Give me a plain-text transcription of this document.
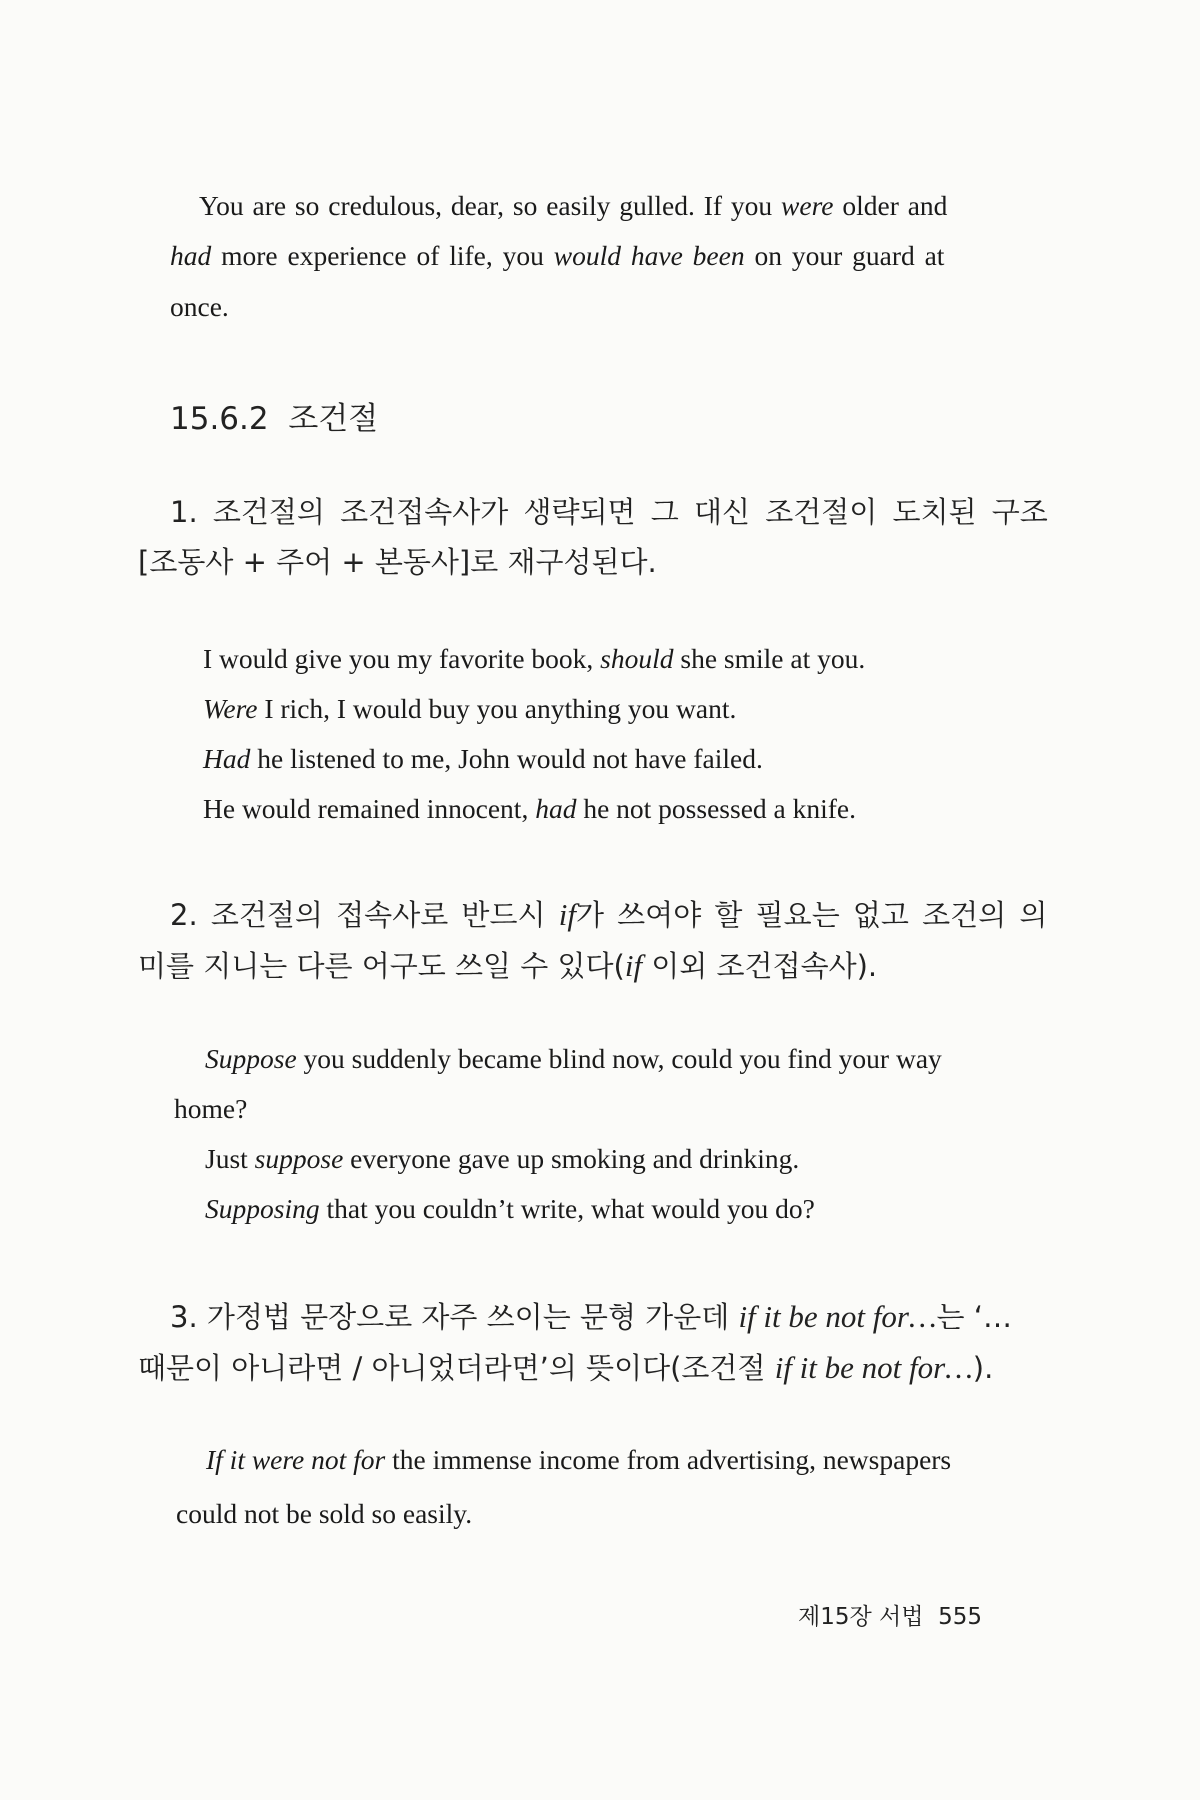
You are so credulous, dear, so easily gulled. If you were older and

had more experience of life, you would have been on your guard at

once.

15.6.2 조건절

1. 조건절의 조건접속사가 생략되면 그 대신 조건절이 도치된 구조

[조동사 + 주어 + 본동사]로 재구성된다.

I would give you my favorite book, should she smile at you.

Were I rich, I would buy you anything you want.

Had he listened to me, John would not have failed.

He would remained innocent, had he not possessed a knife.

2. 조건절의 접속사로 반드시 if가 쓰여야 할 필요는 없고 조건의 의

미를 지니는 다른 어구도 쓰일 수 있다(if 이외 조건접속사).

Suppose you suddenly became blind now, could you find your way

home?

Just suppose everyone gave up smoking and drinking.

Supposing that you couldn’t write, what would you do?

3. 가정법 문장으로 자주 쓰이는 문형 가운데 if it be not for…는 ‘…

때문이 아니라면 / 아니었더라면’의 뜻이다(조건절 if it be not for…).

If it were not for the immense income from advertising, newspapers

could not be sold so easily.

제15장 서법 555
